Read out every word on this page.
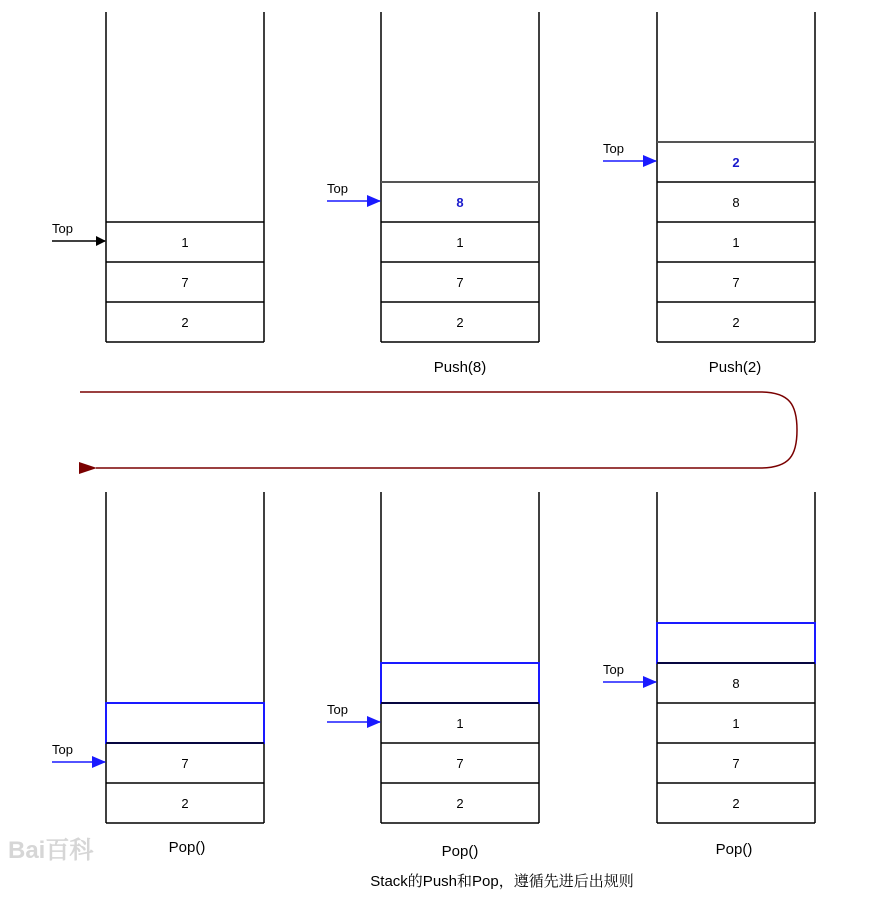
1
7
2
Top
8
1
7
2
Top
Push(8)
2
8
1
7
2
Top
Push(2)
8
1
7
2
Top
Pop()
1
7
2
Top
Pop()
7
2
Top
Pop()
Bai百科
Stack的Push和Pop，遵循先进后出规则
